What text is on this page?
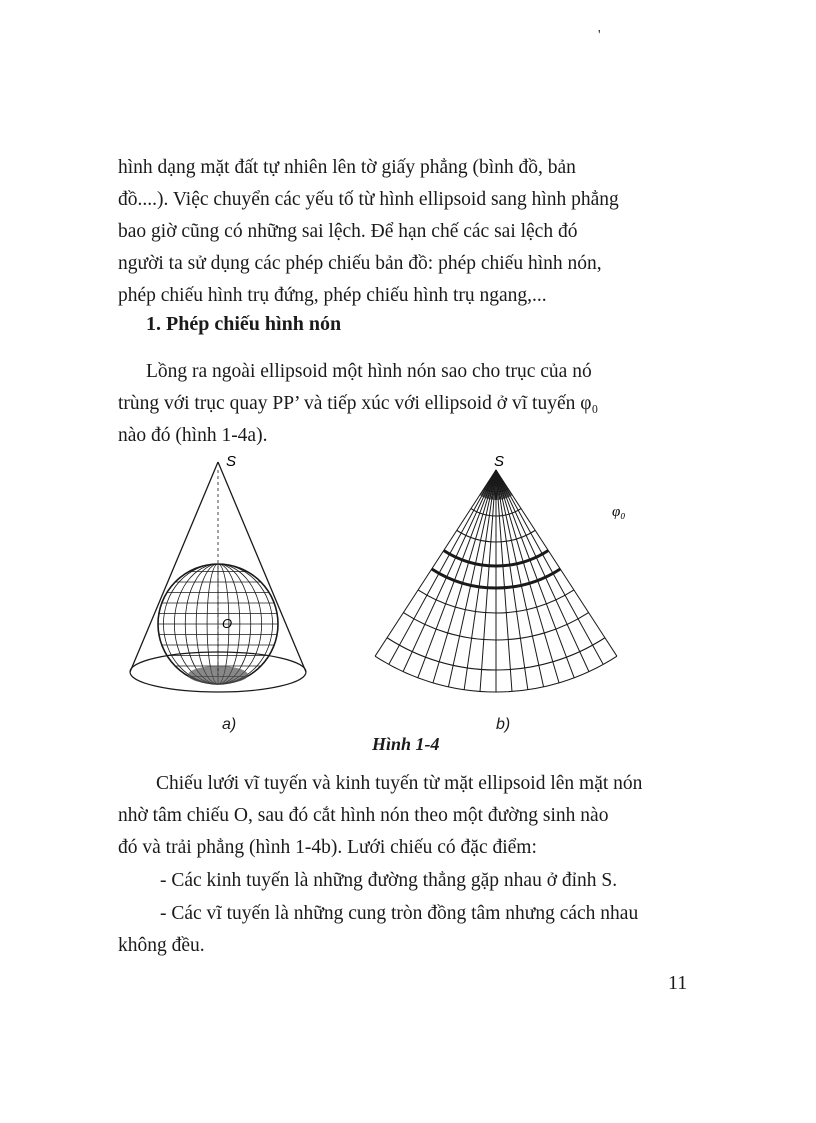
'
hình dạng mặt đất tự nhiên lên tờ giấy phẳng (bình đồ, bản
đồ....). Việc chuyển các yếu tố từ hình ellipsoid sang hình phẳng
bao giờ cũng có những sai lệch. Để hạn chế các sai lệch đó
người ta sử dụng các phép chiếu bản đồ: phép chiếu hình nón,
phép chiếu hình trụ đứng, phép chiếu hình trụ ngang,...
1. Phép chiếu hình nón
Lồng ra ngoài ellipsoid một hình nón sao cho trục của nó
trùng với trục quay PP’ và tiếp xúc với ellipsoid ở vĩ tuyến φ₀
nào đó (hình 1-4a).
S
O
S
φ₀
a)	b)
Hình 1-4
Chiếu lưới vĩ tuyến và kinh tuyến từ mặt ellipsoid lên mặt nón
nhờ tâm chiếu O, sau đó cắt hình nón theo một đường sinh nào
đó và trải phẳng (hình 1-4b). Lưới chiếu có đặc điểm:
- Các kinh tuyến là những đường thẳng gặp nhau ở đỉnh S.
- Các vĩ tuyến là những cung tròn đồng tâm nhưng cách nhau
không đều.
11
